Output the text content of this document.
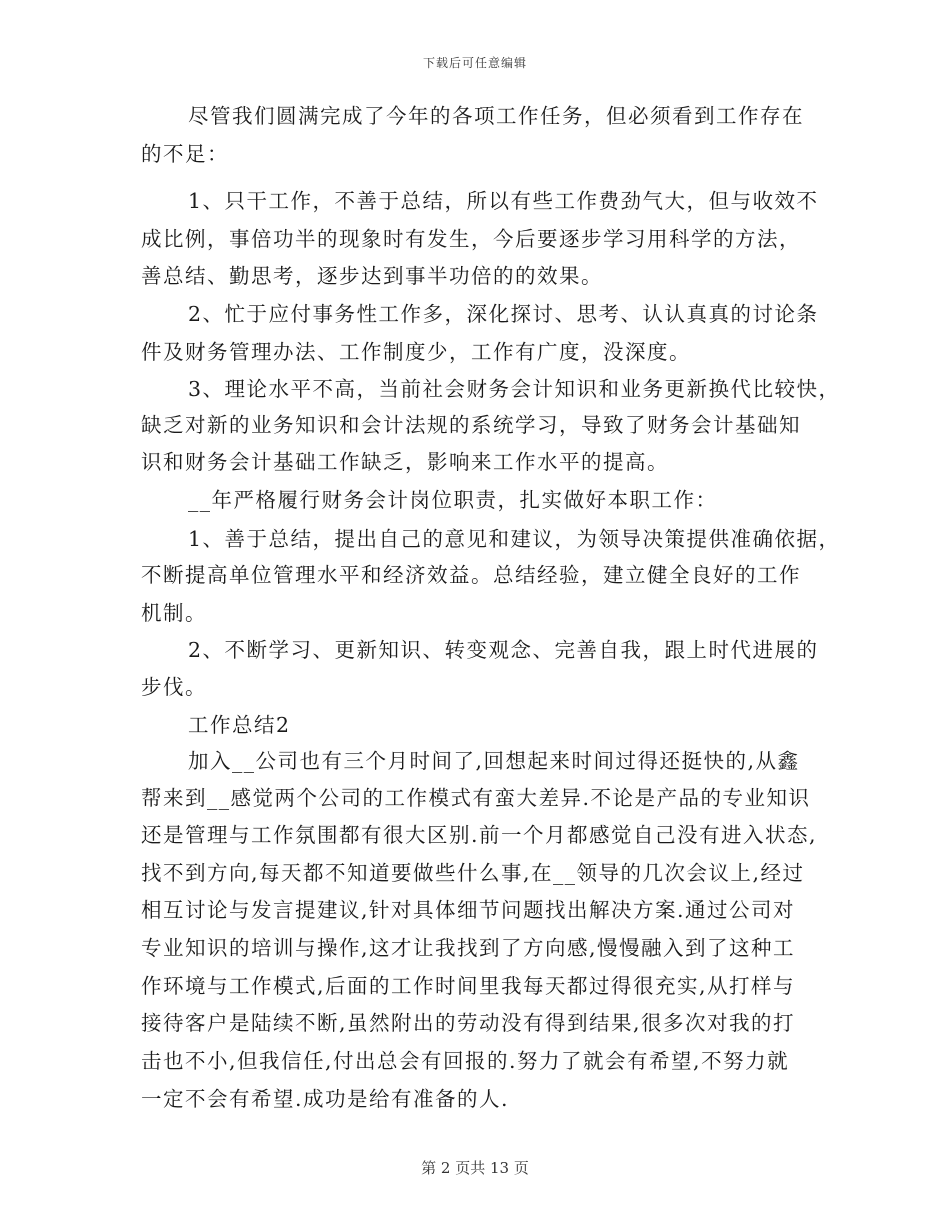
下载后可任意编辑
尽管我们圆满完成了今年的各项工作任务，但必须看到工作存在
的不足：
1、只干工作，不善于总结，所以有些工作费劲气大，但与收效不
成比例，事倍功半的现象时有发生，今后要逐步学习用科学的方法，
善总结、勤思考，逐步达到事半功倍的的效果。
2、忙于应付事务性工作多，深化探讨、思考、认认真真的讨论条
件及财务管理办法、工作制度少，工作有广度，没深度。
3、理论水平不高，当前社会财务会计知识和业务更新换代比较快，
缺乏对新的业务知识和会计法规的系统学习，导致了财务会计基础知
识和财务会计基础工作缺乏，影响来工作水平的提高。
__年严格履行财务会计岗位职责，扎实做好本职工作：
1、善于总结，提出自己的意见和建议，为领导决策提供准确依据，
不断提高单位管理水平和经济效益。总结经验，建立健全良好的工作
机制。
2、不断学习、更新知识、转变观念、完善自我，跟上时代进展的
步伐。
工作总结2
加入__公司也有三个月时间了,回想起来时间过得还挺快的,从鑫
帮来到__感觉两个公司的工作模式有蛮大差异.不论是产品的专业知识
还是管理与工作氛围都有很大区别.前一个月都感觉自己没有进入状态,
找不到方向,每天都不知道要做些什么事,在__领导的几次会议上,经过
相互讨论与发言提建议,针对具体细节问题找出解决方案.通过公司对
专业知识的培训与操作,这才让我找到了方向感,慢慢融入到了这种工
作环境与工作模式,后面的工作时间里我每天都过得很充实,从打样与
接待客户是陆续不断,虽然附出的劳动没有得到结果,很多次对我的打
击也不小,但我信任,付出总会有回报的.努力了就会有希望,不努力就
一定不会有希望.成功是给有准备的人.
第 2 页共 13 页
